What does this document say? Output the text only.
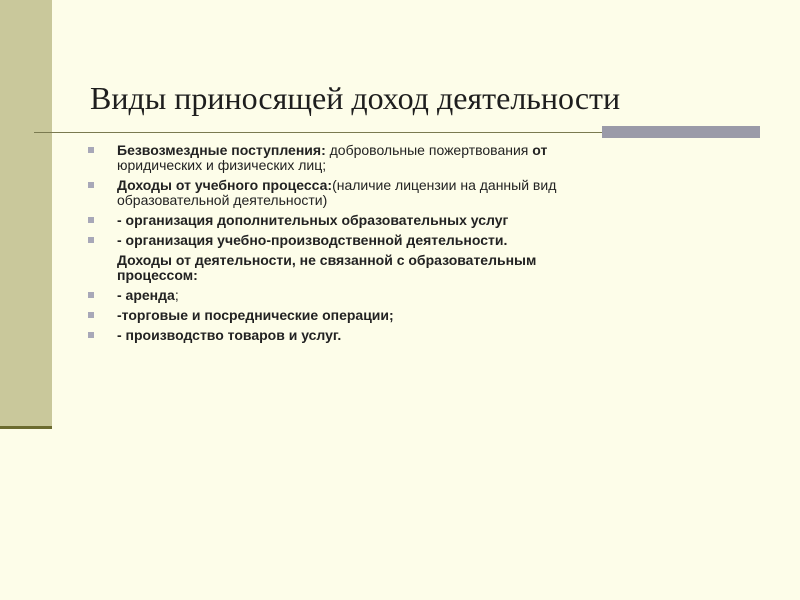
Виды приносящей доход деятельности
Безвозмездные поступления: добровольные пожертвования от
юридических и физических лиц;
Доходы от учебного процесса:(наличие лицензии на данный вид
образовательной деятельности)
- организация дополнительных образовательных услуг
- организация учебно-производственной деятельности.
Доходы от деятельности, не связанной с образовательным
процессом:
- аренда;
-торговые и посреднические операции;
- производство товаров и услуг.
